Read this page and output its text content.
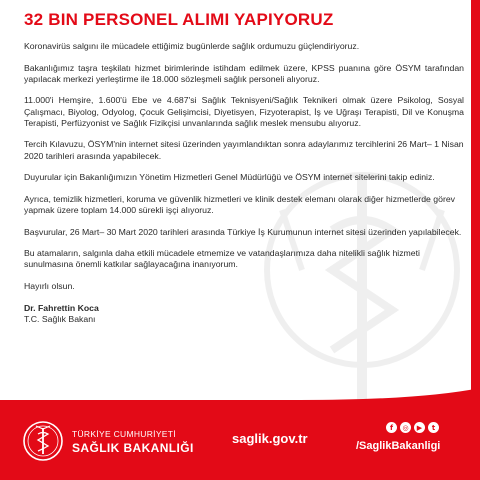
32 BIN PERSONEL ALIMI YAPIYORUZ

Koronavirüs salgını ile mücadele ettiğimiz bugünlerde sağlık ordumuzu güçlendiriyoruz.

Bakanlığımız taşra teşkilatı hizmet birimlerinde istihdam edilmek üzere, KPSS puanına göre ÖSYM tarafından yapılacak merkezi yerleştirme ile 18.000 sözleşmeli sağlık personeli alıyoruz.

11.000'i Hemşire, 1.600'ü Ebe ve 4.687'si Sağlık Teknisyeni/Sağlık Teknikeri olmak üzere Psikolog, Sosyal Çalışmacı, Biyolog, Odyolog, Çocuk Gelişimcisi, Diyetisyen, Fizyoterapist, İş ve Uğraşı Terapisti, Dil ve Konuşma Terapisti, Perfüzyonist ve Sağlık Fizikçisi unvanlarında sağlık meslek mensubu alıyoruz.

Tercih Kılavuzu, ÖSYM'nin internet sitesi üzerinden yayımlandıktan sonra adaylarımız tercihlerini 26 Mart– 1 Nisan 2020 tarihleri arasında yapabilecek.

Duyurular için Bakanlığımızın Yönetim Hizmetleri Genel Müdürlüğü ve ÖSYM internet sitelerini takip ediniz.

Ayrıca, temizlik hizmetleri, koruma ve güvenlik hizmetleri ve klinik destek elemanı olarak diğer hizmetlerde görev yapmak üzere toplam 14.000 sürekli işçi alıyoruz.

Başvurular, 26 Mart– 30 Mart 2020 tarihleri arasında Türkiye İş Kurumunun internet sitesi üzerinden yapılabilecek.

Bu atamaların, salgınla daha etkili mücadele etmemize ve vatandaşlarımıza daha nitelikli sağlık hizmeti sunulmasına önemli katkılar sağlayacağına inanıyorum.

Hayırlı olsun.

Dr. Fahrettin Koca
T.C. Sağlık Bakanı
TÜRKİYE CUMHURİYETİ
SAĞLIK BAKANLIĞI
saglik.gov.tr
f	◎	▶	t
/SaglikBakanligi
